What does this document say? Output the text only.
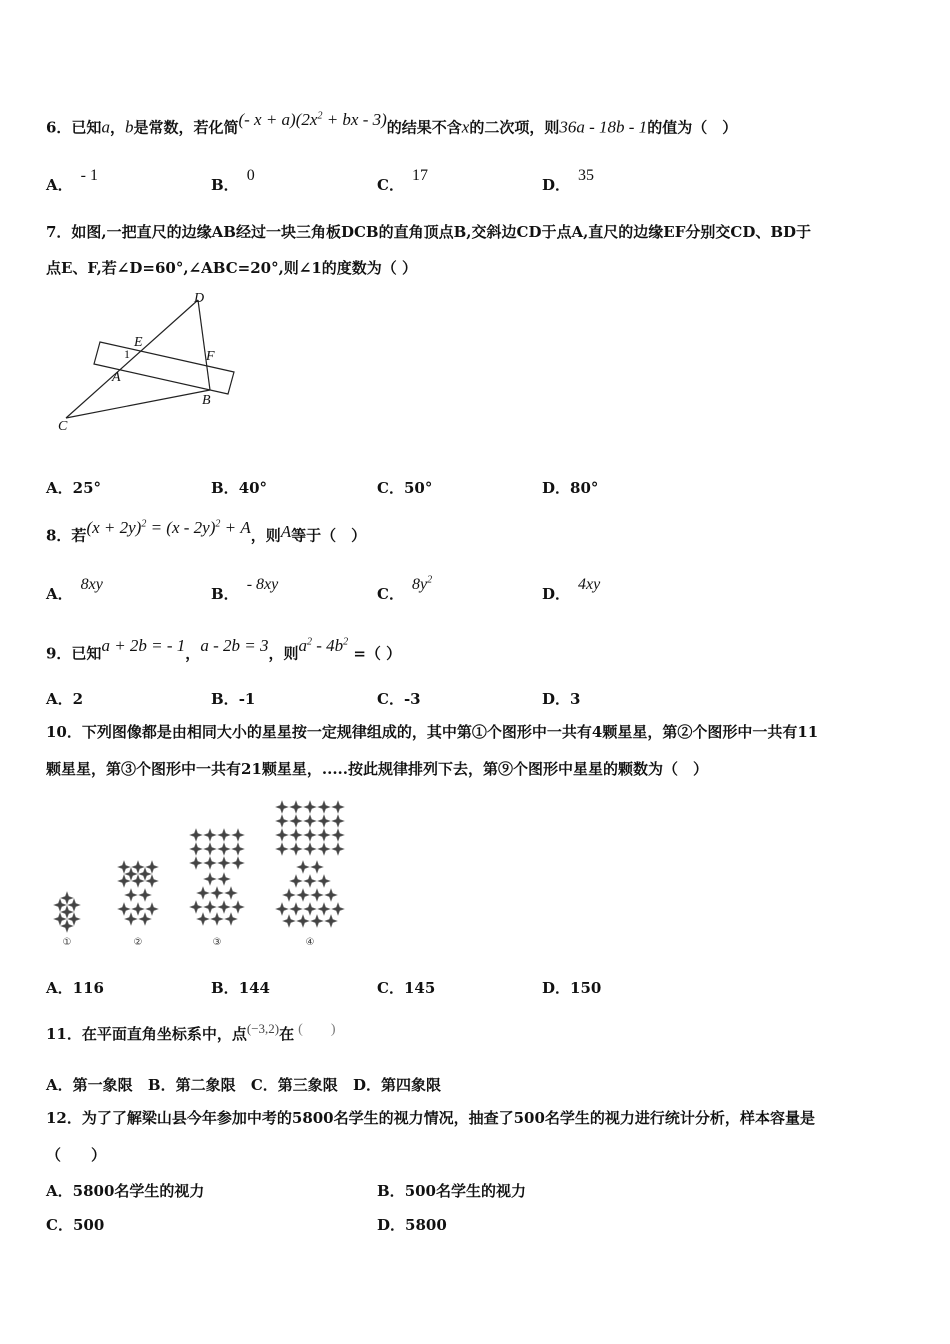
6．已知a，b是常数，若化简(- $x + a)(2x^2$ + bx - 3)的结果不含x的二次项，则36a - 18b - 1的值为（　）
A．- 1
B．0
C．17
D．35
7．如图,一把直尺的边缘AB经过一块三角板DCB的直角顶点B,交斜边CD于点A,直尺的边缘EF分别交CD、BD于
点E、F,若∠D=60°,∠ABC=20°,则∠1的度数为（ ）
D
E
1	F
A
B
C
A．25°	B．40°	C．50°	D．80°
8．若$(x + 2y)^2 = (x - 2y)^2 + A$，则A等于（　）
A．8xy
B．- 8xy
C．$8y^2$
D．4xy
9．已知a + 2b = - 1，a - 2b = 3，则$a^2 - 4b^2$ =（ ）
A．2	B．-1	C．-3	D．3
10．下列图像都是由相同大小的星星按一定规律组成的，其中第①个图形中一共有4颗星星，第②个图形中一共有11
颗星星，第③个图形中一共有21颗星星，.....按此规律排列下去，第⑨个图形中星星的颗数为（　）
①	②	③	④
A．116	B．144	C．145	D．150
11．在平面直角坐标系中，点(−3,2)在 (　　)
A．第一象限 B．第二象限 C．第三象限 D．第四象限
12．为了了解梁山县今年参加中考的5800名学生的视力情况，抽查了500名学生的视力进行统计分析，样本容量是
（　　）
A．5800名学生的视力	B．500名学生的视力
C．500	D．5800
